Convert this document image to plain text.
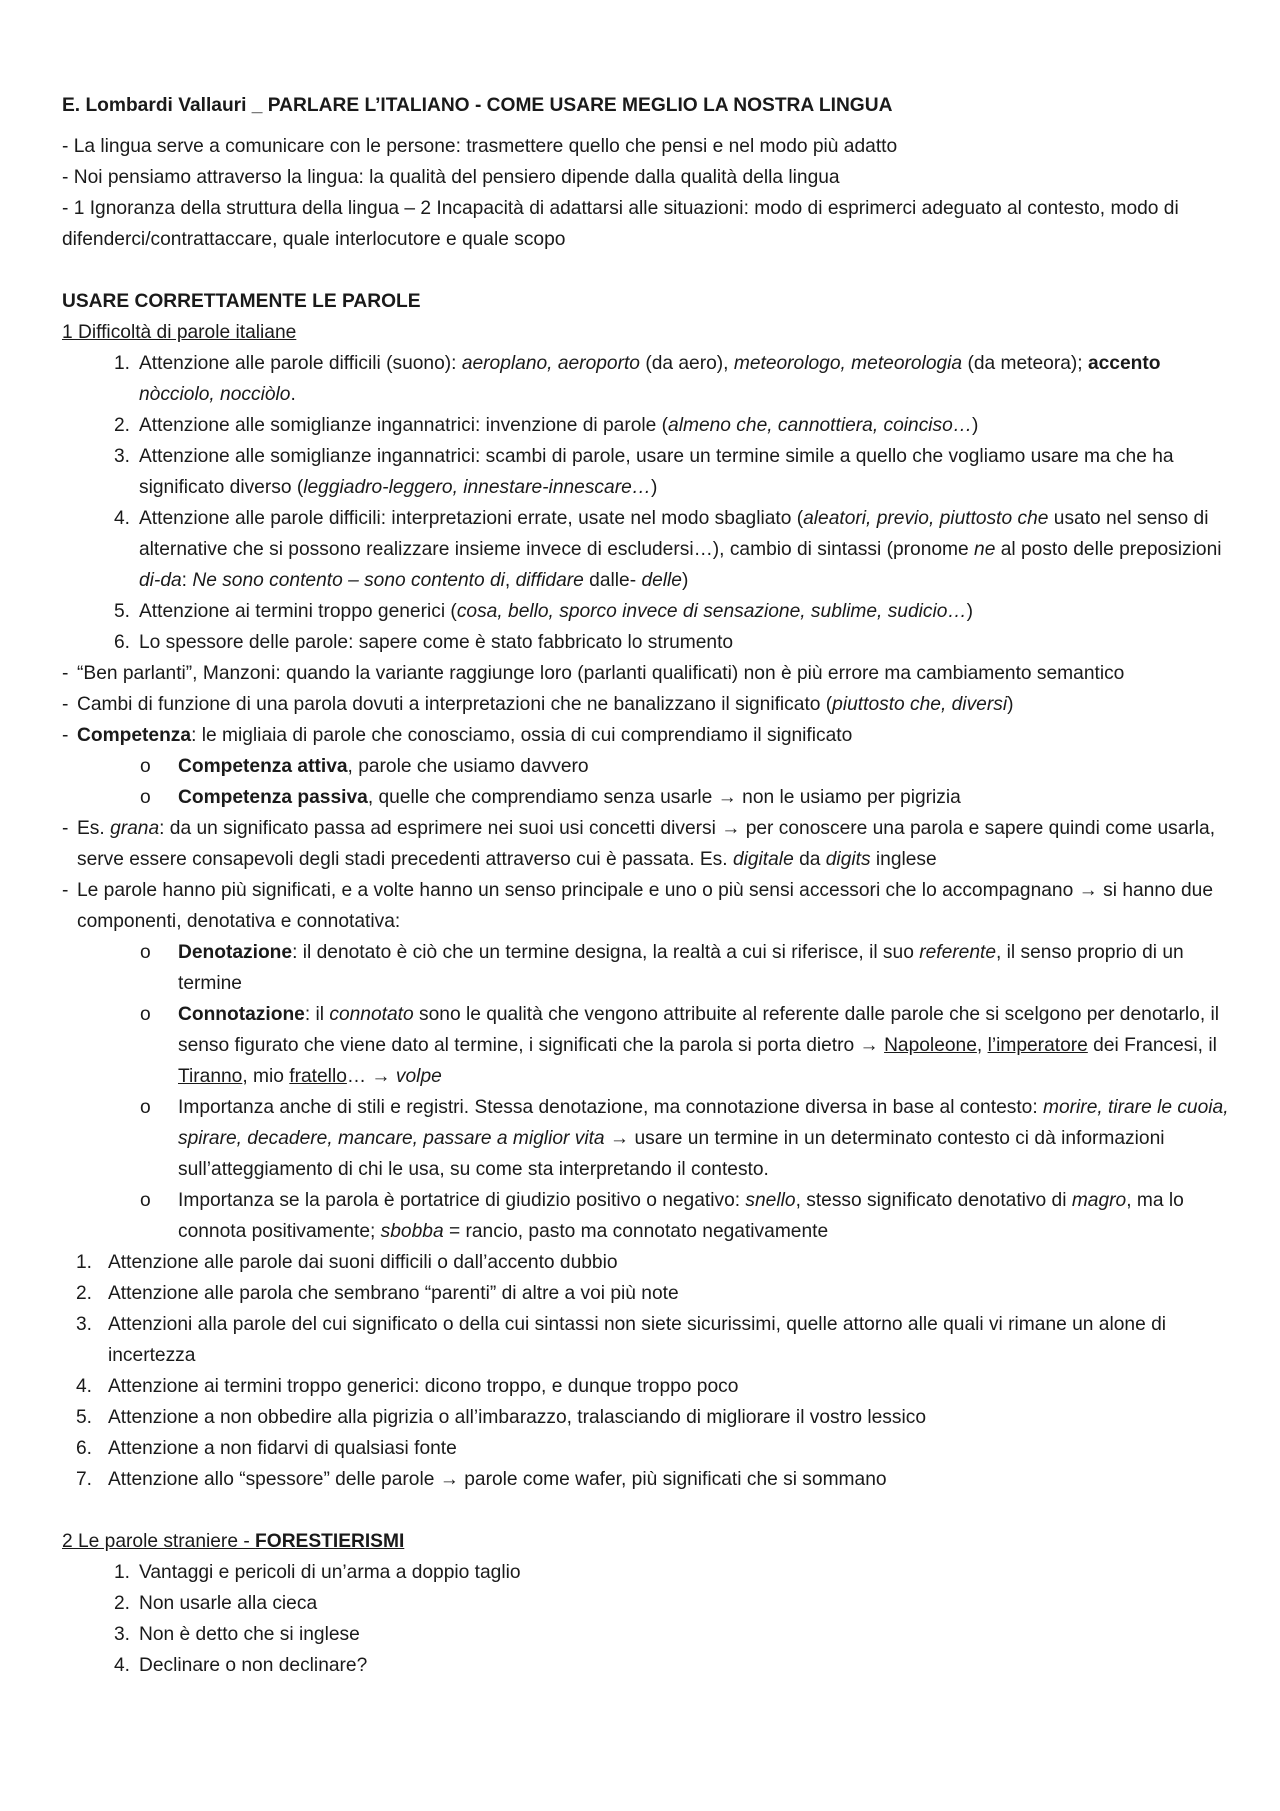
E. Lombardi Vallauri _ PARLARE L’ITALIANO - COME USARE MEGLIO LA NOSTRA LINGUA

- La lingua serve a comunicare con le persone: trasmettere quello che pensi e nel modo più adatto

- Noi pensiamo attraverso la lingua: la qualità del pensiero dipende dalla qualità della lingua

- 1 Ignoranza della struttura della lingua – 2 Incapacità di adattarsi alle situazioni: modo di esprimerci adeguato al contesto, modo di difenderci/contrattaccare, quale interlocutore e quale scopo

USARE CORRETTAMENTE LE PAROLE

1 Difficoltà di parole italiane

1. Attenzione alle parole difficili (suono): aeroplano, aeroporto (da aero), meteorologo, meteorologia (da meteora); accento nòcciolo, nocciòlo.
2. Attenzione alle somiglianze ingannatrici: invenzione di parole (almeno che, cannottiera, coinciso…)
3. Attenzione alle somiglianze ingannatrici: scambi di parole, usare un termine simile a quello che vogliamo usare ma che ha significato diverso (leggiadro-leggero, innestare-innescare…)
4. Attenzione alle parole difficili: interpretazioni errate, usate nel modo sbagliato (aleatori, previo, piuttosto che usato nel senso di alternative che si possono realizzare insieme invece di escludersi…), cambio di sintassi (pronome ne al posto delle preposizioni di-da: Ne sono contento – sono contento di, diffidare dalle- delle)
5. Attenzione ai termini troppo generici (cosa, bello, sporco invece di sensazione, sublime, sudicio…)
6. Lo spessore delle parole: sapere come è stato fabbricato lo strumento
- “Ben parlanti”, Manzoni: quando la variante raggiunge loro (parlanti qualificati) non è più errore ma cambiamento semantico
- Cambi di funzione di una parola dovuti a interpretazioni che ne banalizzano il significato (piuttosto che, diversi)
- Competenza: le migliaia di parole che conosciamo, ossia di cui comprendiamo il significato
o Competenza attiva, parole che usiamo davvero
o Competenza passiva, quelle che comprendiamo senza usarle → non le usiamo per pigrizia
- Es. grana: da un significato passa ad esprimere nei suoi usi concetti diversi → per conoscere una parola e sapere quindi come usarla, serve essere consapevoli degli stadi precedenti attraverso cui è passata. Es. digitale da digits inglese
- Le parole hanno più significati, e a volte hanno un senso principale e uno o più sensi accessori che lo accompagnano → si hanno due componenti, denotativa e connotativa:
o Denotazione: il denotato è ciò che un termine designa, la realtà a cui si riferisce, il suo referente, il senso proprio di un termine
o Connotazione: il connotato sono le qualità che vengono attribuite al referente dalle parole che si scelgono per denotarlo, il senso figurato che viene dato al termine, i significati che la parola si porta dietro → Napoleone, l’imperatore dei Francesi, il Tiranno, mio fratello… → volpe
o Importanza anche di stili e registri. Stessa denotazione, ma connotazione diversa in base al contesto: morire, tirare le cuoia, spirare, decadere, mancare, passare a miglior vita → usare un termine in un determinato contesto ci dà informazioni sull’atteggiamento di chi le usa, su come sta interpretando il contesto.
o Importanza se la parola è portatrice di giudizio positivo o negativo: snello, stesso significato denotativo di magro, ma lo connota positivamente; sbobba = rancio, pasto ma connotato negativamente
1. Attenzione alle parole dai suoni difficili o dall’accento dubbio
2. Attenzione alle parola che sembrano “parenti” di altre a voi più note
3. Attenzioni alla parole del cui significato o della cui sintassi non siete sicurissimi, quelle attorno alle quali vi rimane un alone di incertezza
4. Attenzione ai termini troppo generici: dicono troppo, e dunque troppo poco
5. Attenzione a non obbedire alla pigrizia o all’imbarazzo, tralasciando di migliorare il vostro lessico
6. Attenzione a non fidarvi di qualsiasi fonte
7. Attenzione allo “spessore” delle parole → parole come wafer, più significati che si sommano

2 Le parole straniere - FORESTIERISMI

1. Vantaggi e pericoli di un’arma a doppio taglio
2. Non usarle alla cieca
3. Non è detto che si inglese
4. Declinare o non declinare?
